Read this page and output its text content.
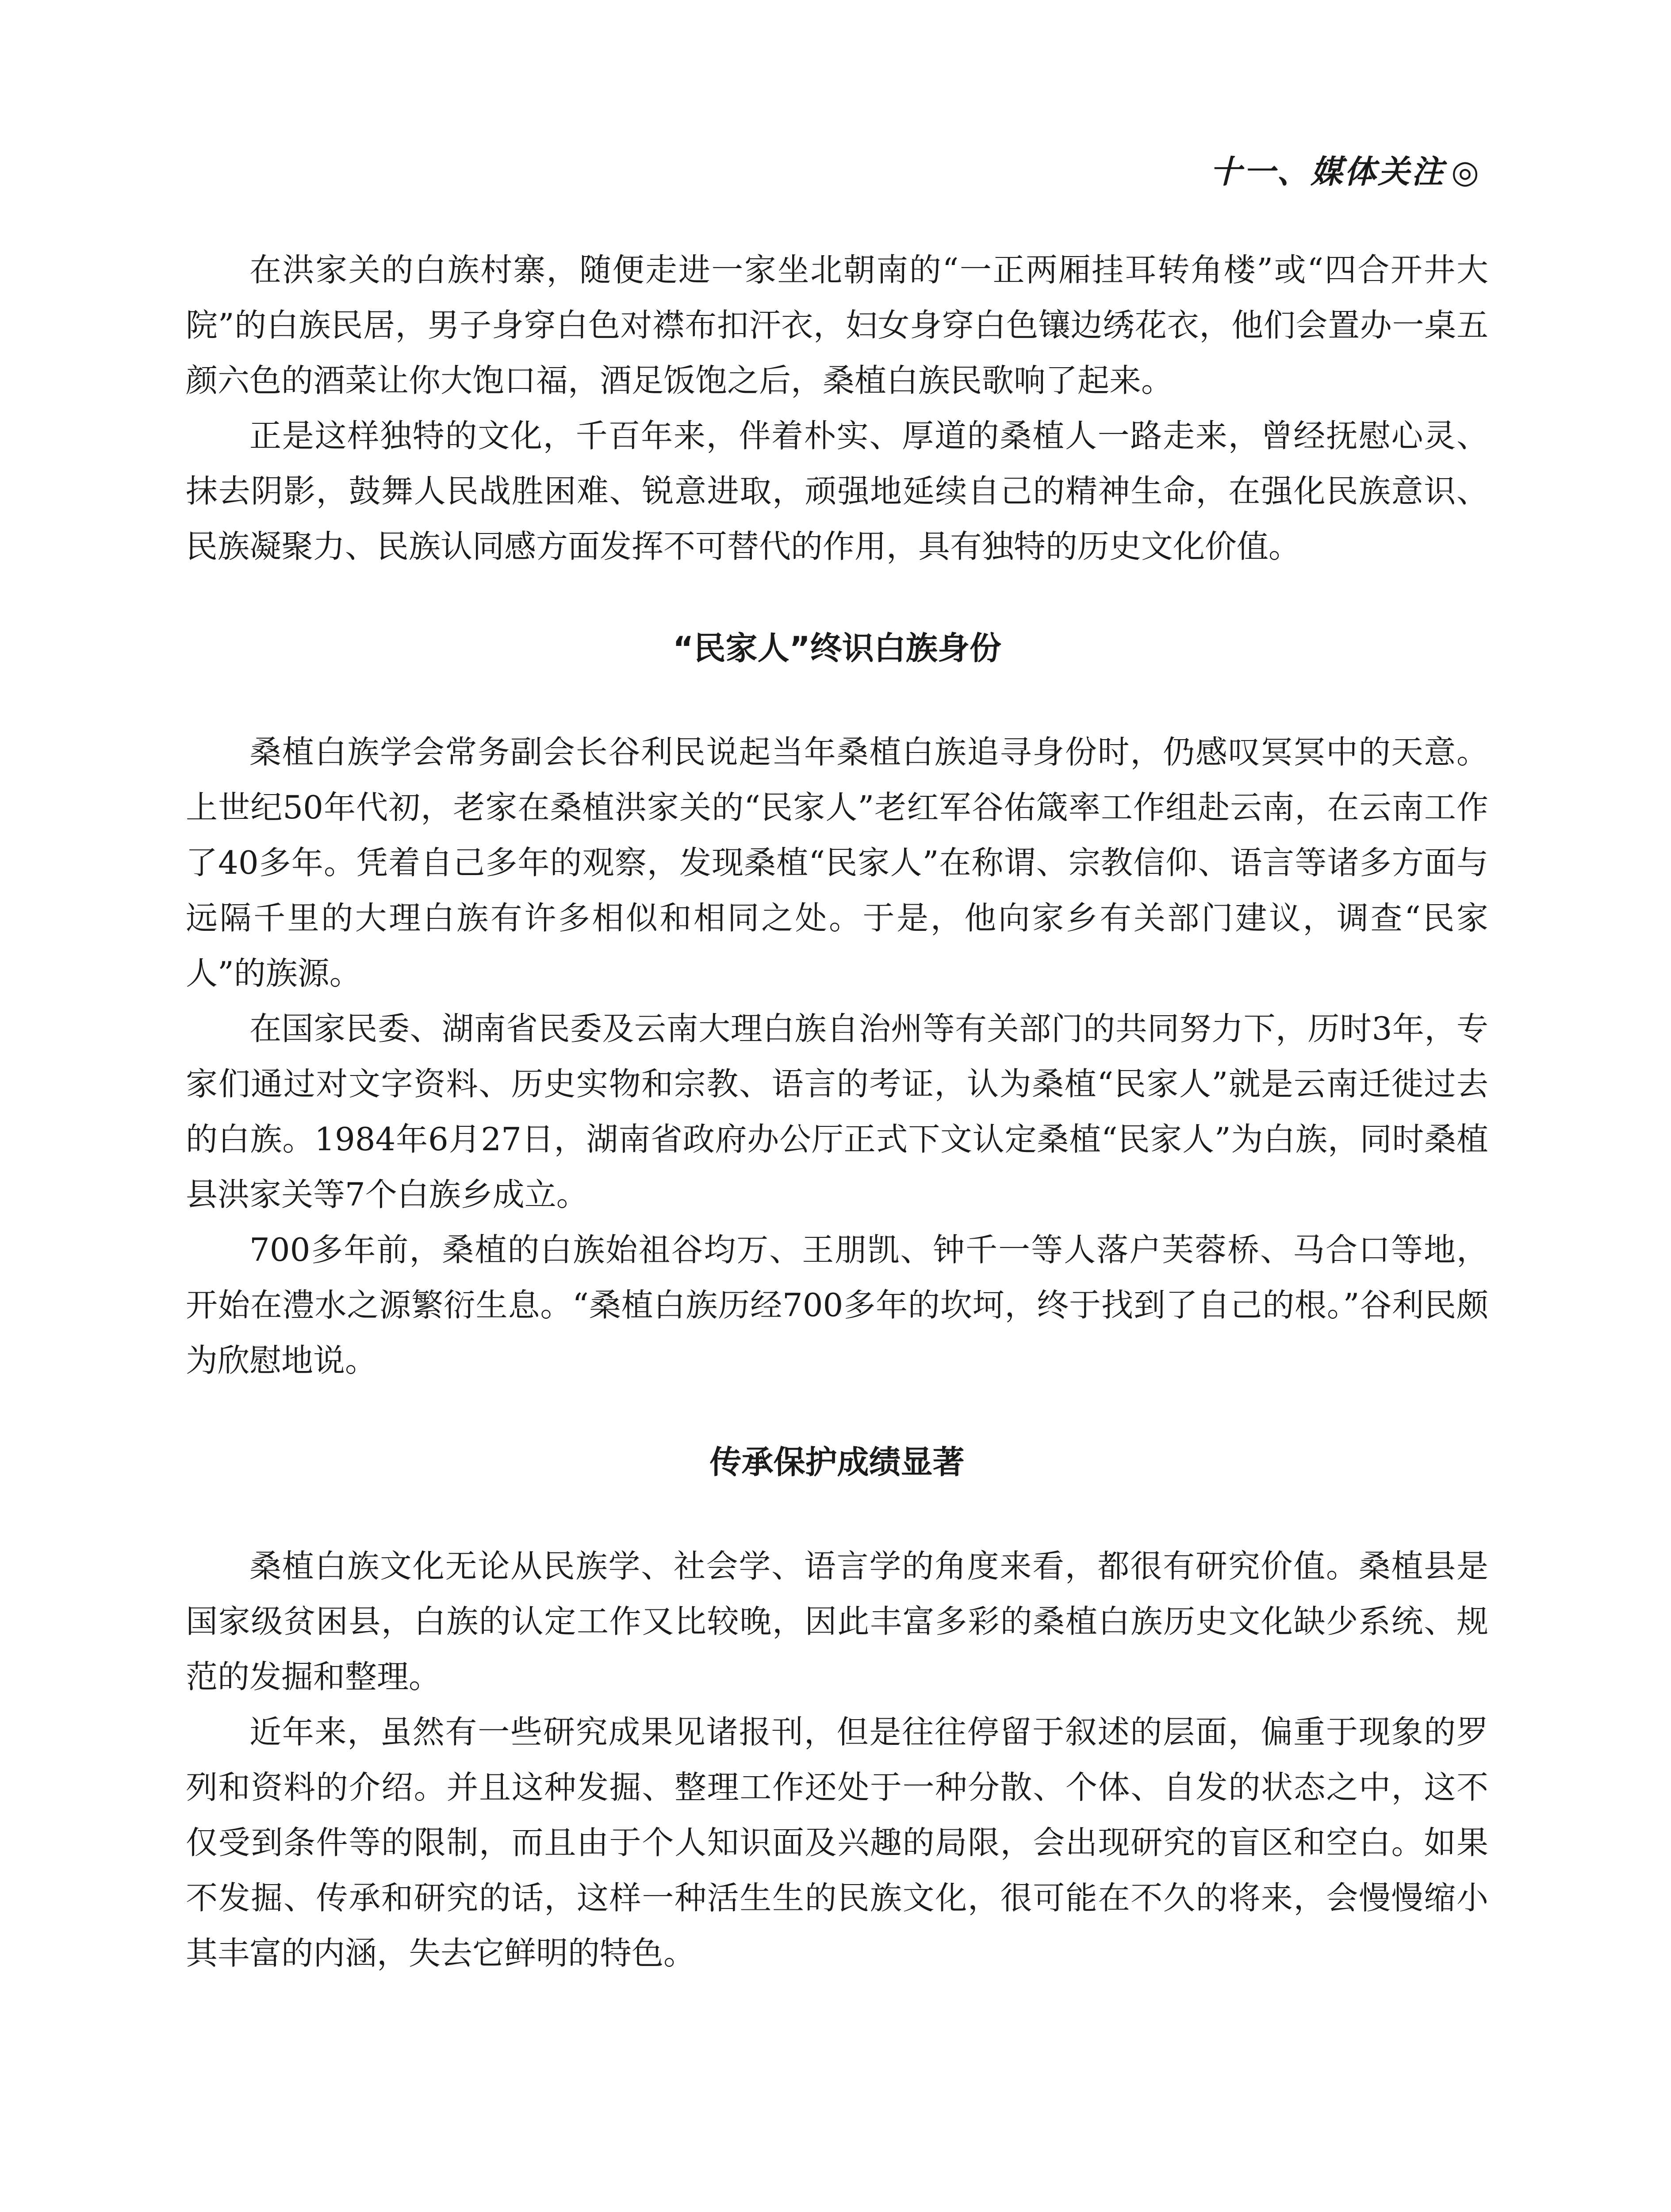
十一、媒体关注 ◎

在洪家关的白族村寨，随便走进一家坐北朝南的“一正两厢挂耳转角楼”或“四合开井大院”的白族民居，男子身穿白色对襟布扣汗衣，妇女身穿白色镶边绣花衣，他们会置办一桌五颜六色的酒菜让你大饱口福，酒足饭饱之后，桑植白族民歌响了起来。

正是这样独特的文化，千百年来，伴着朴实、厚道的桑植人一路走来，曾经抚慰心灵、抹去阴影，鼓舞人民战胜困难、锐意进取，顽强地延续自己的精神生命，在强化民族意识、民族凝聚力、民族认同感方面发挥不可替代的作用，具有独特的历史文化价值。

“民家人”终识白族身份

桑植白族学会常务副会长谷利民说起当年桑植白族追寻身份时，仍感叹冥冥中的天意。上世纪50年代初，老家在桑植洪家关的“民家人”老红军谷佑箴率工作组赴云南，在云南工作了40多年。凭着自己多年的观察，发现桑植“民家人”在称谓、宗教信仰、语言等诸多方面与远隔千里的大理白族有许多相似和相同之处。于是，他向家乡有关部门建议，调查“民家人”的族源。

在国家民委、湖南省民委及云南大理白族自治州等有关部门的共同努力下，历时3年，专家们通过对文字资料、历史实物和宗教、语言的考证，认为桑植“民家人”就是云南迁徙过去的白族。1984年6月27日，湖南省政府办公厅正式下文认定桑植“民家人”为白族，同时桑植县洪家关等7个白族乡成立。

700多年前，桑植的白族始祖谷均万、王朋凯、钟千一等人落户芙蓉桥、马合口等地，开始在澧水之源繁衍生息。“桑植白族历经700多年的坎坷，终于找到了自己的根。”谷利民颇为欣慰地说。

传承保护成绩显著

桑植白族文化无论从民族学、社会学、语言学的角度来看，都很有研究价值。桑植县是国家级贫困县，白族的认定工作又比较晚，因此丰富多彩的桑植白族历史文化缺少系统、规范的发掘和整理。

近年来，虽然有一些研究成果见诸报刊，但是往往停留于叙述的层面，偏重于现象的罗列和资料的介绍。并且这种发掘、整理工作还处于一种分散、个体、自发的状态之中，这不仅受到条件等的限制，而且由于个人知识面及兴趣的局限，会出现研究的盲区和空白。如果不发掘、传承和研究的话，这样一种活生生的民族文化，很可能在不久的将来，会慢慢缩小其丰富的内涵，失去它鲜明的特色。
